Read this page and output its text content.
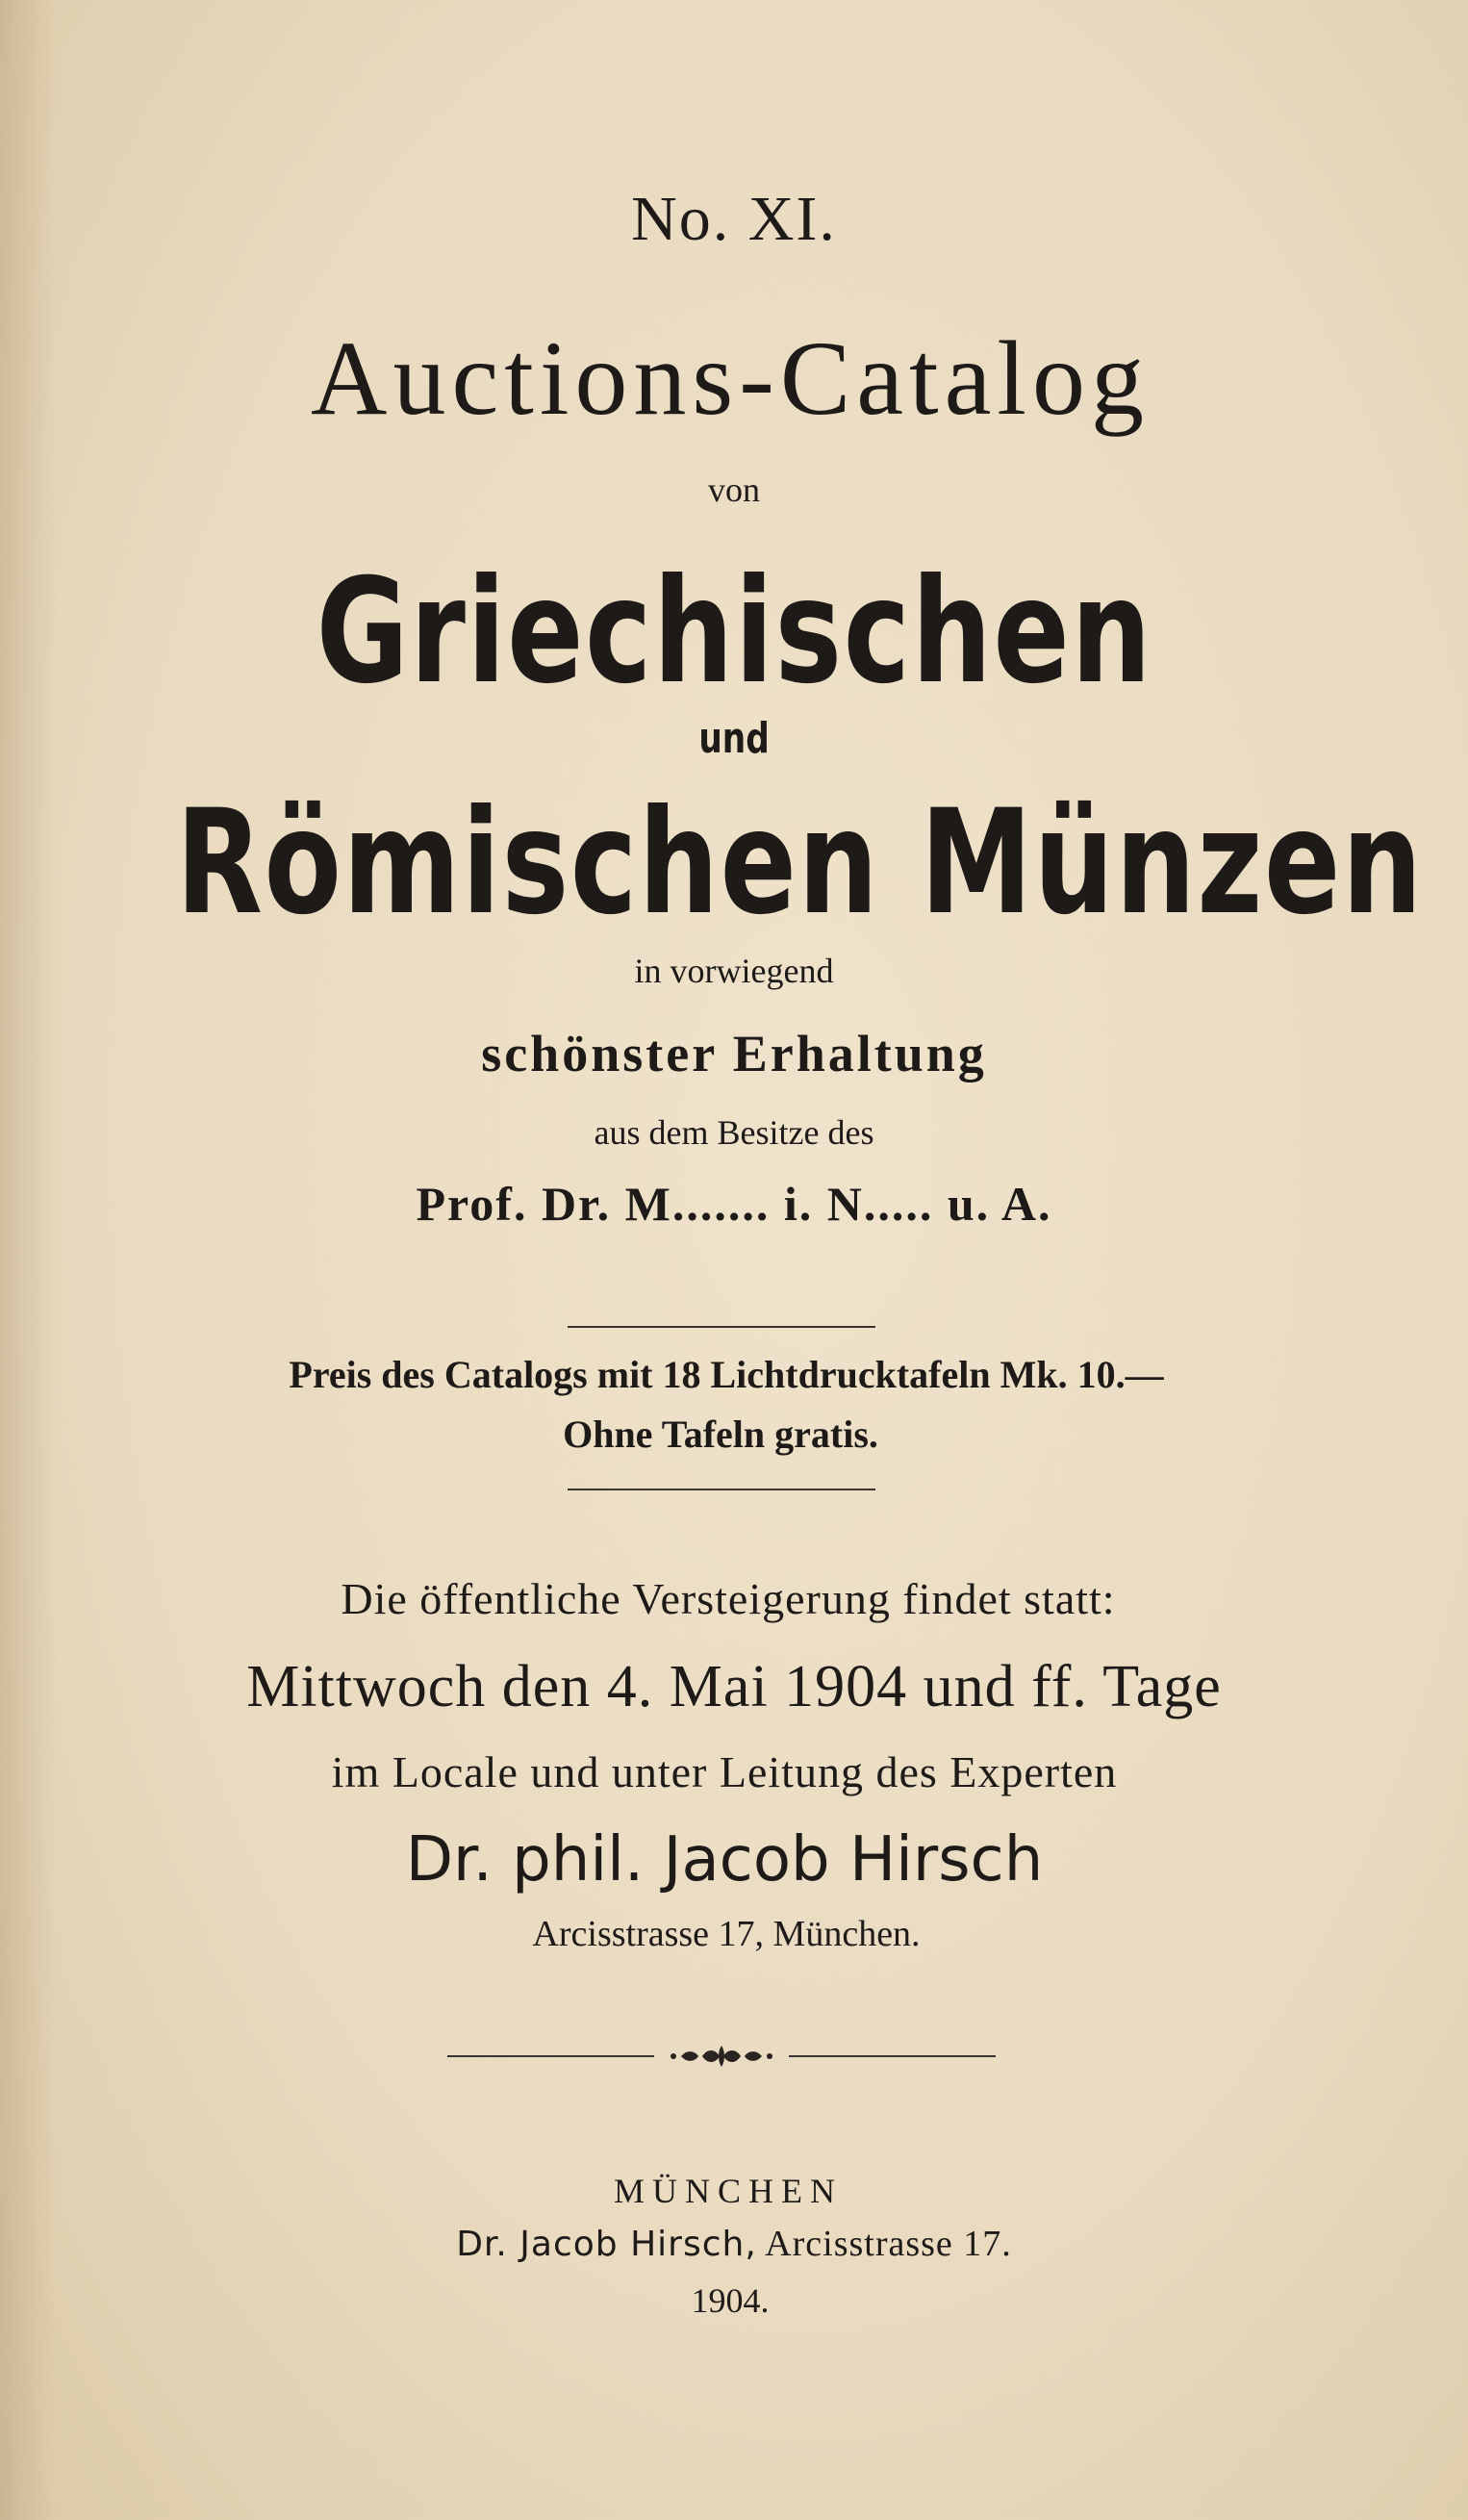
No. XI.
Auctions-Catalog
von
Griechischen
und
Römischen Münzen
in vorwiegend
schönster Erhaltung
aus dem Besitze des
Prof. Dr. M....... i. N..... u. A.
Preis des Catalogs mit 18 Lichtdrucktafeln Mk. 10.—
Ohne Tafeln gratis.
Die öffentliche Versteigerung findet statt:
Mittwoch den 4. Mai 1904 und ff. Tage
im Locale und unter Leitung des Experten
Dr. phil. Jacob Hirsch
Arcisstrasse 17, München.
MÜNCHEN
Dr. Jacob Hirsch, Arcisstrasse 17.
1904.
